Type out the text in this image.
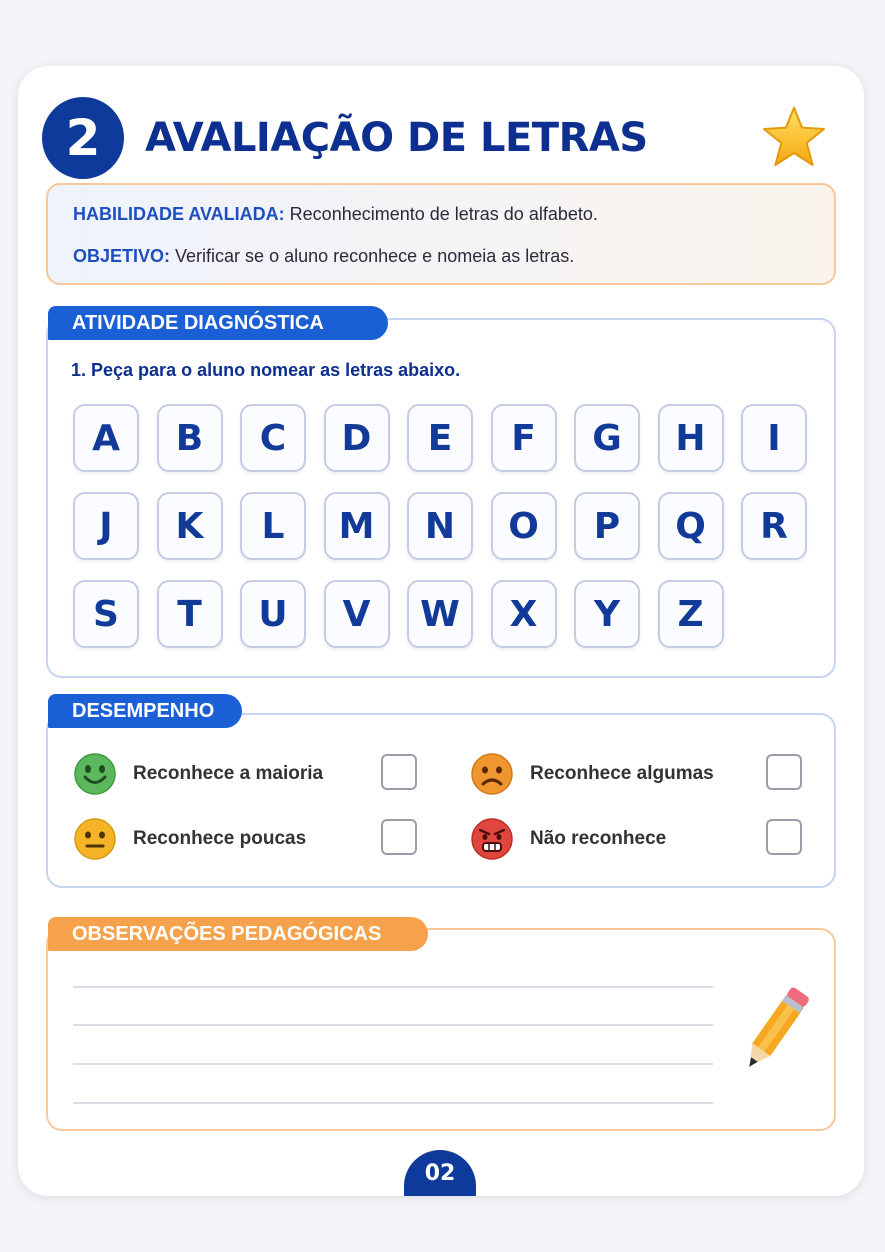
2	AVALIAÇÃO DE LETRAS
HABILIDADE AVALIADA: Reconhecimento de letras do alfabeto.
OBJETIVO: Verificar se o aluno reconhece e nomeia as letras.
ATIVIDADE DIAGNÓSTICA
1. Peça para o aluno nomear as letras abaixo.
A	B	C	D	E	F	G	H	I
J	K	L	M	N	O	P	Q	R
S	T	U	V	W	X	Y	Z
DESEMPENHO
Reconhece a maioria	Reconhece algumas
Reconhece poucas	Não reconhece
OBSERVAÇÕES PEDAGÓGICAS
02
